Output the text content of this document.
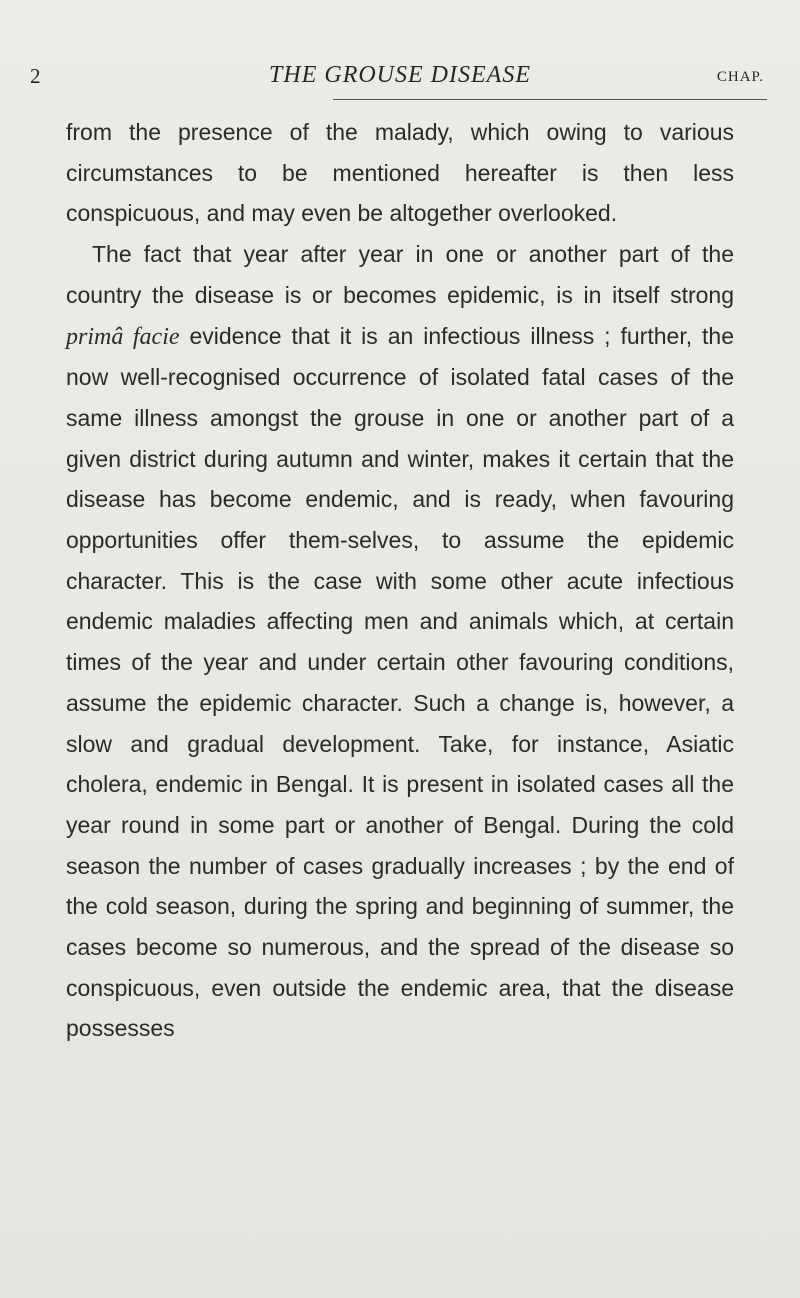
2	THE GROUSE DISEASE	CHAP.

from the presence of the malady, which owing to various circumstances to be mentioned hereafter is then less conspicuous, and may even be altogether overlooked.

The fact that year after year in one or another part of the country the disease is or becomes epidemic, is in itself strong primâ facie evidence that it is an infectious illness ; further, the now well-recognised occurrence of isolated fatal cases of the same illness amongst the grouse in one or another part of a given district during autumn and winter, makes it certain that the disease has become endemic, and is ready, when favouring opportunities offer them-selves, to assume the epidemic character. This is the case with some other acute infectious endemic maladies affecting men and animals which, at certain times of the year and under certain other favouring conditions, assume the epidemic character. Such a change is, however, a slow and gradual development. Take, for instance, Asiatic cholera, endemic in Bengal. It is present in isolated cases all the year round in some part or another of Bengal. During the cold season the number of cases gradually increases ; by the end of the cold season, during the spring and beginning of summer, the cases become so numerous, and the spread of the disease so conspicuous, even outside the endemic area, that the disease possesses
